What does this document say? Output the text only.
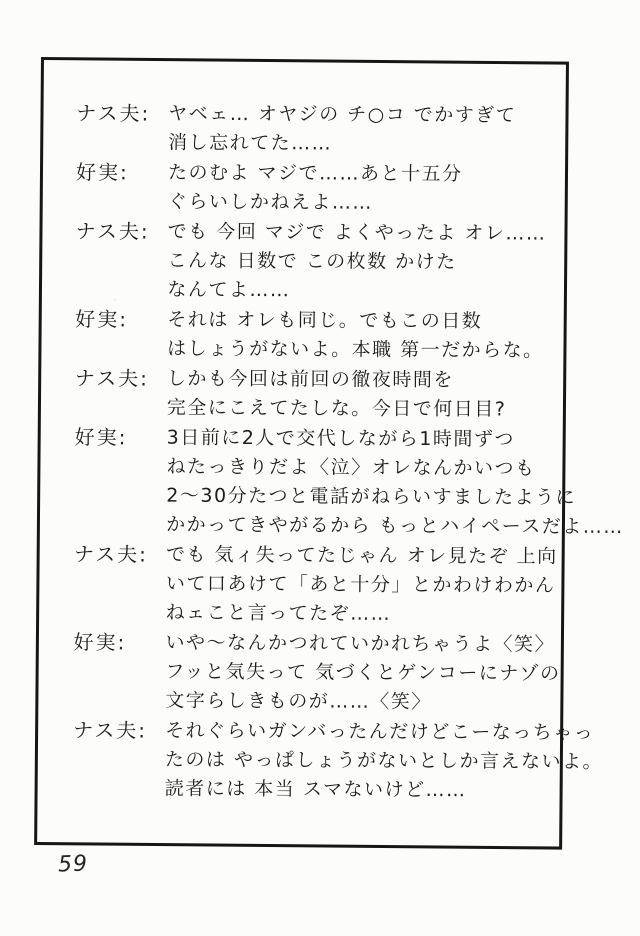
ナス夫: ヤベェ… オヤジの チ○コ でかすぎて
消し忘れてた……
好実:	たのむよ マジで……あと十五分
ぐらいしかねえよ……
ナス夫: でも 今回 マジで よくやったよ オレ……
こんな 日数で この枚数 かけた
なんてよ……
好実:	それは オレも同じ。でもこの日数
はしょうがないよ。本職 第一だからな。
ナス夫: しかも今回は前回の徹夜時間を
完全にこえてたしな。今日で何日目?
好実:	3日前に2人で交代しながら1時間ずつ
ねたっきりだよ〈泣〉オレなんかいつも
2〜30分たつと電話がねらいすましたように
かかってきやがるから もっとハイペースだよ……
ナス夫: でも 気ィ失ってたじゃん オレ見たぞ 上向
いて口あけて「あと十分」とかわけわかん
ねェこと言ってたぞ……
好実:	いや〜なんかつれていかれちゃうよ〈笑〉
フッと気失って 気づくとゲンコーにナゾの
文字らしきものが……〈笑〉
ナス夫: それぐらいガンバったんだけどこーなっちゃっ
たのは やっぱしょうがないとしか言えないよ。
読者には 本当 スマないけど……
59
